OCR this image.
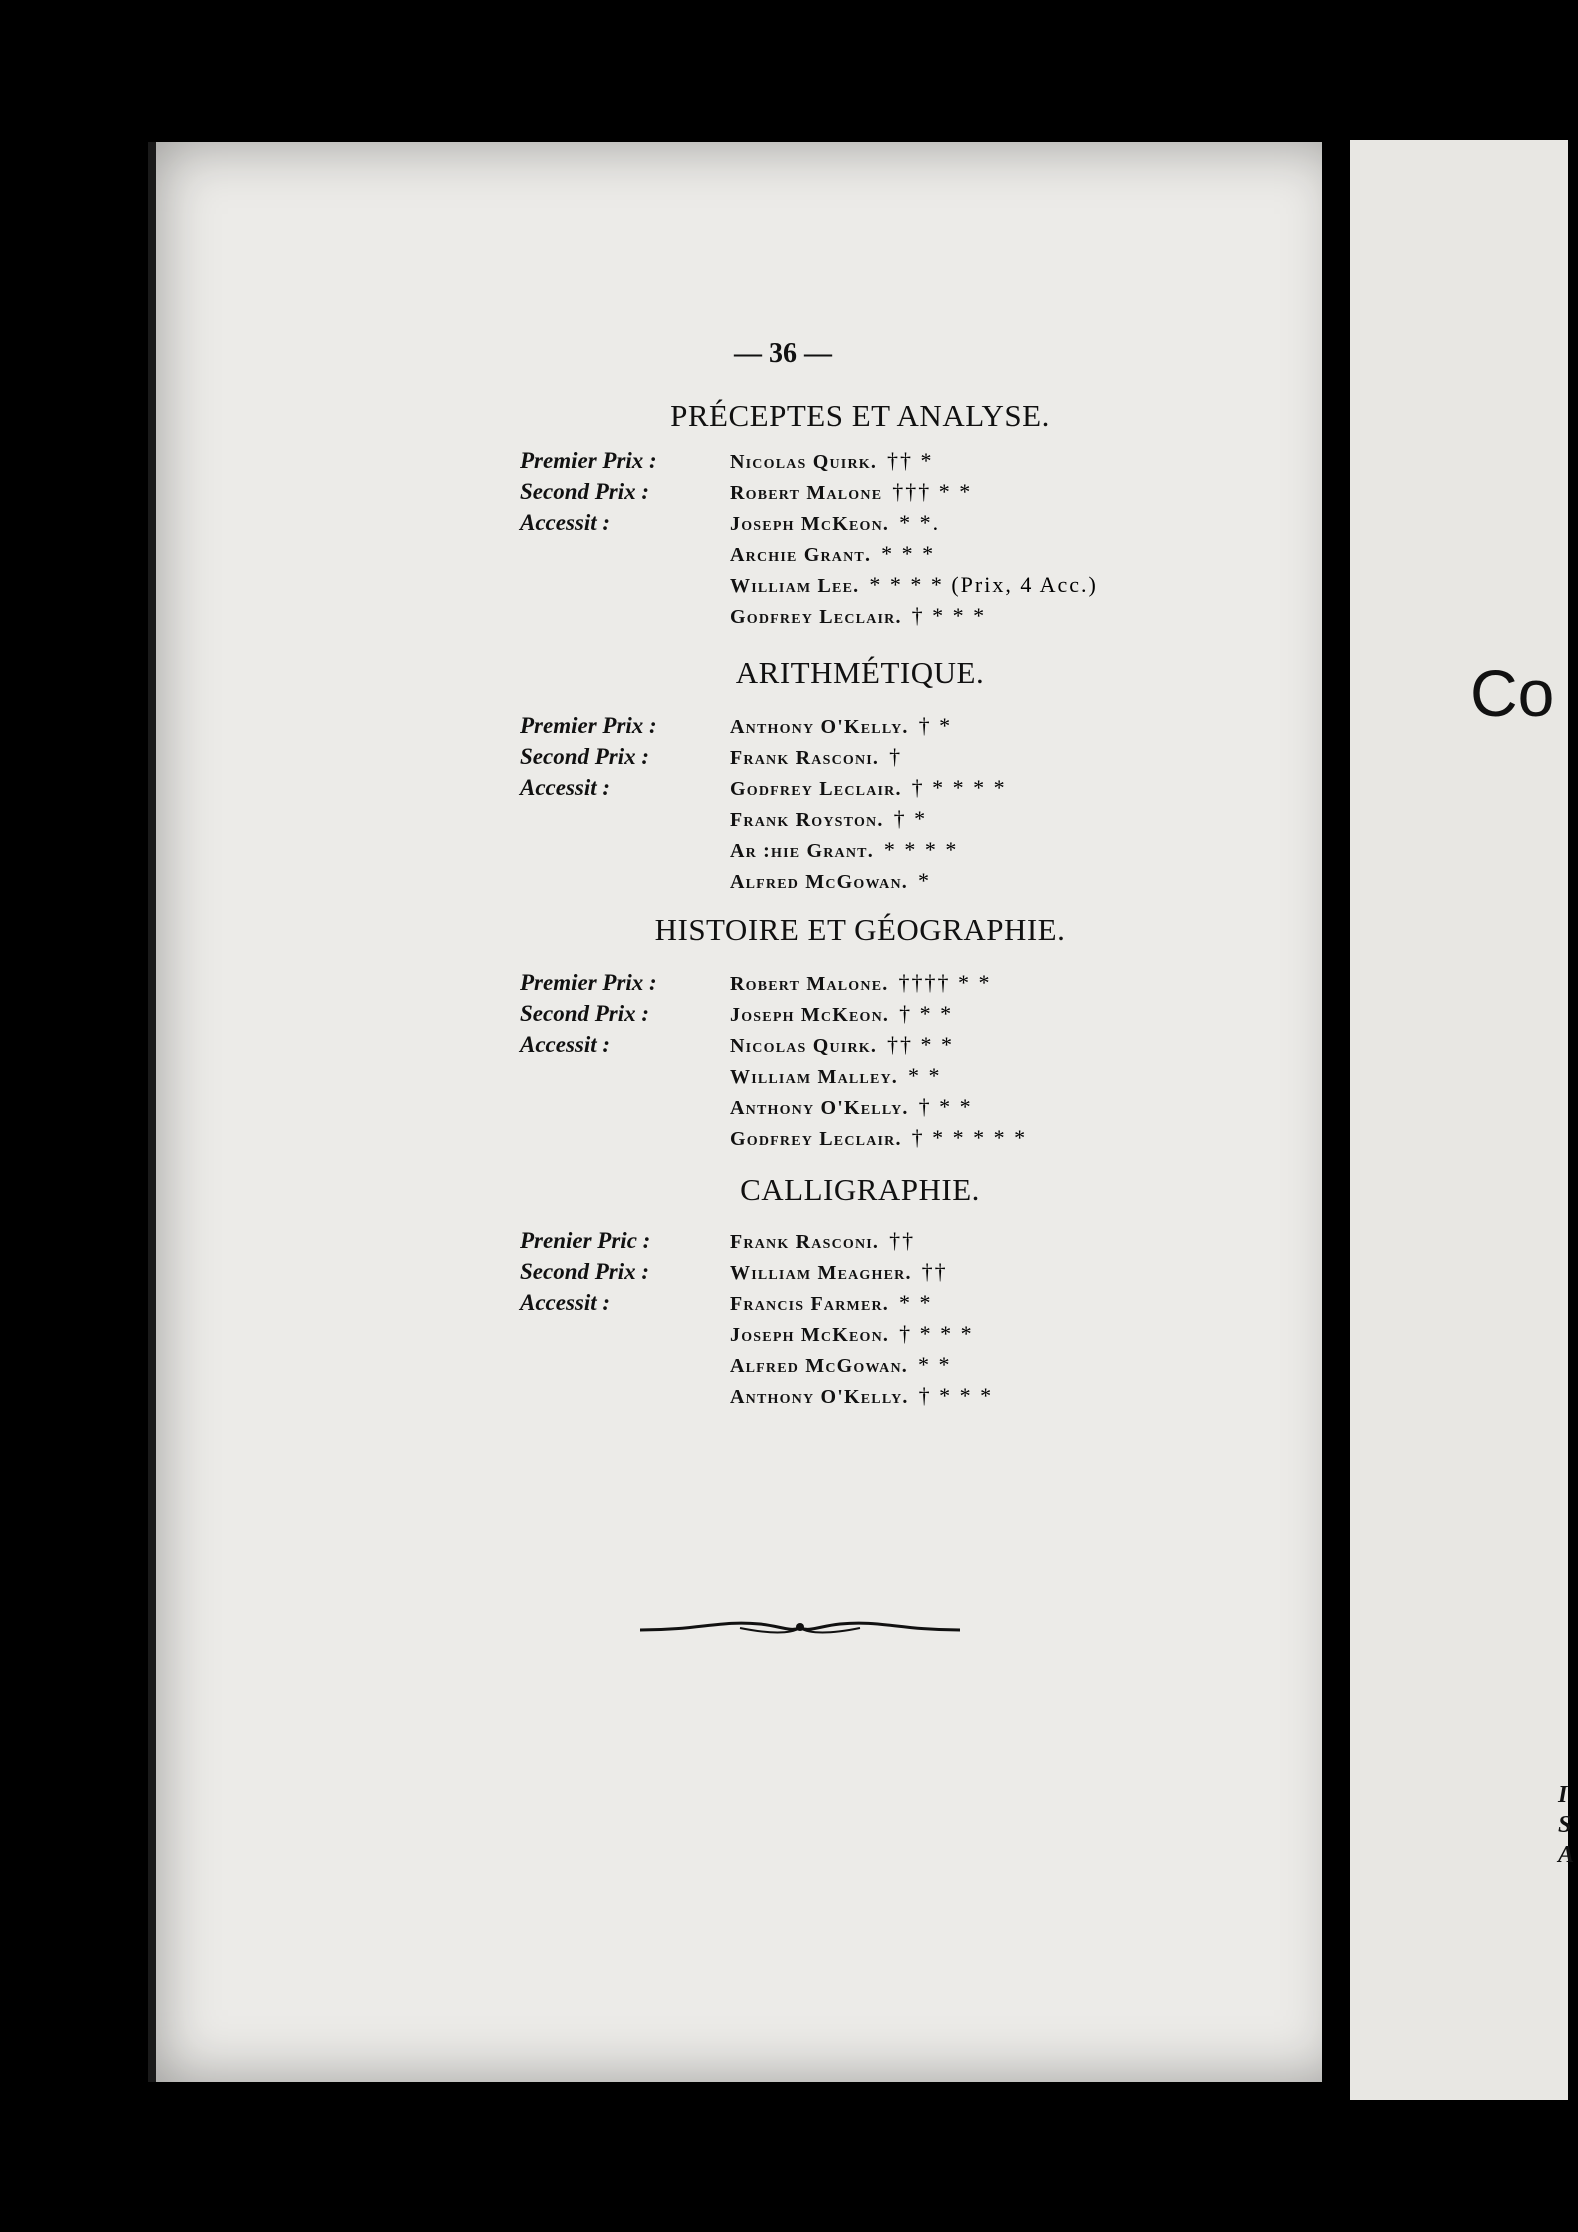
Co
I
S
A
— 36 —
PRÉCEPTES ET ANALYSE.
Premier Prix :	Nicolas Quirk. †† *
Second Prix :	Robert Malone ††† * *
Accessit :	Joseph McKeon. * *.
Archie Grant. * * *
William Lee. * * * * (Prix, 4 Acc.)
Godfrey Leclair. † * * *
ARITHMÉTIQUE.
Premier Prix :	Anthony O'Kelly. † *
Second Prix :	Frank Rasconi. †
Accessit :	Godfrey Leclair. † * * * *
Frank Royston. † *
Ar :hie Grant. * * * *
Alfred McGowan. *
HISTOIRE ET GÉOGRAPHIE.
Premier Prix :	Robert Malone. †††† * *
Second Prix :	Joseph McKeon. † * *
Accessit :	Nicolas Quirk. †† * *
William Malley. * *
Anthony O'Kelly. † * *
Godfrey Leclair. † * * * * *
CALLIGRAPHIE.
Prenier Pric :	Frank Rasconi. ††
Second Prix :	William Meagher. ††
Accessit :	Francis Farmer. * *
Joseph McKeon. † * * *
Alfred McGowan. * *
Anthony O'Kelly. † * * *
